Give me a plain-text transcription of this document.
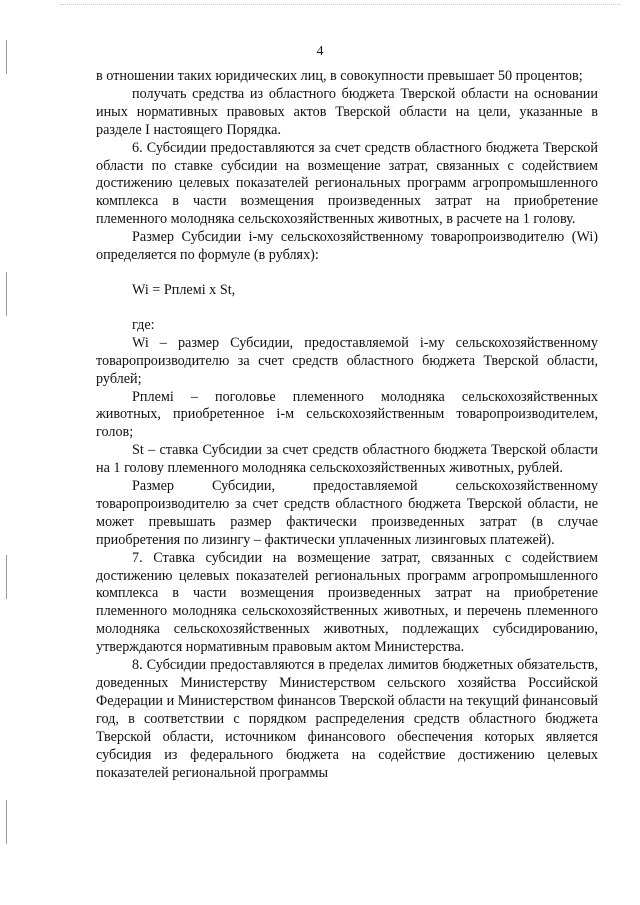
4

в отношении таких юридических лиц, в совокупности превышает 50 процентов;

получать средства из областного бюджета Тверской области на основании иных нормативных правовых актов Тверской области на цели, указанные в разделе I настоящего Порядка.

6. Субсидии предоставляются за счет средств областного бюджета Тверской области по ставке субсидии на возмещение затрат, связанных с содействием достижению целевых показателей региональных программ агропромышленного комплекса в части возмещения произведенных затрат на приобретение племенного молодняка сельскохозяйственных животных, в расчете на 1 голову.

Размер Субсидии i-му сельскохозяйственному товаропроизводителю (Wi) определяется по формуле (в рублях):

Wi = Рплемi x St,

где:

Wi – размер Субсидии, предоставляемой i-му сельскохозяйственному товаропроизводителю за счет средств областного бюджета Тверской области, рублей;

Рплемi – поголовье племенного молодняка сельскохозяйственных животных, приобретенное i-м сельскохозяйственным товаропроизводителем, голов;

St – ставка Субсидии за счет средств областного бюджета Тверской области на 1 голову племенного молодняка сельскохозяйственных животных, рублей.

Размер Субсидии, предоставляемой сельскохозяйственному товаропроизводителю за счет средств областного бюджета Тверской области, не может превышать размер фактически произведенных затрат (в случае приобретения по лизингу – фактически уплаченных лизинговых платежей).

7. Ставка субсидии на возмещение затрат, связанных с содействием достижению целевых показателей региональных программ агропромышленного комплекса в части возмещения произведенных затрат на приобретение племенного молодняка сельскохозяйственных животных, и перечень племенного молодняка сельскохозяйственных животных, подлежащих субсидированию, утверждаются нормативным правовым актом Министерства.

8. Субсидии предоставляются в пределах лимитов бюджетных обязательств, доведенных Министерству Министерством сельского хозяйства Российской Федерации и Министерством финансов Тверской области на текущий финансовый год, в соответствии с порядком распределения средств областного бюджета Тверской области, источником финансового обеспечения которых является субсидия из федерального бюджета на содействие достижению целевых показателей региональной программы
